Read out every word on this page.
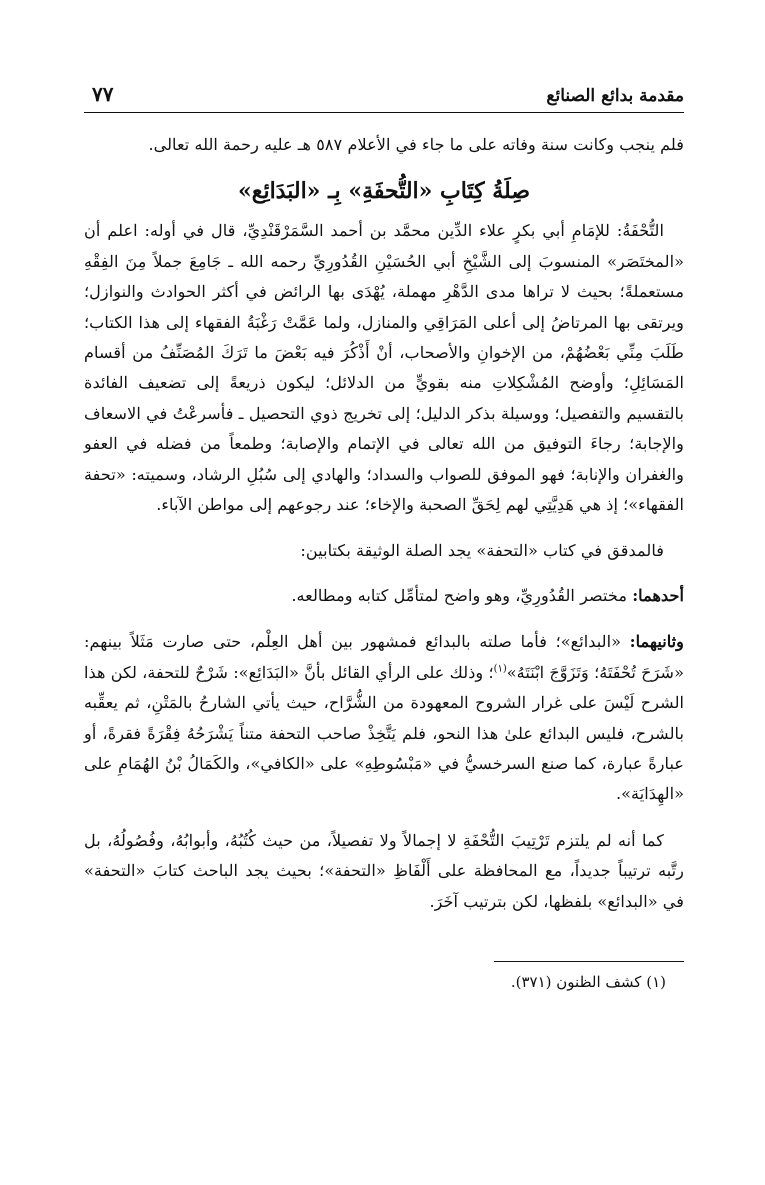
مقدمة بدائع الصنائع
٧٧

فلم ينجب وكانت سنة وفاته على ما جاء في الأعلام ٥٨٧ هـ عليه رحمة الله تعالى.

صِلَةُ كِتَابِ «التُّحفَةِ» بِـ «البَدَائِع»

التُّحْفَةُ: للإمَامِ أبي بكرٍ علاء الدِّين محمَّد بن أحمد السَّمَرْقَنْدِيِّ، قال في أوله: اعلم أن «المختَصَر» المنسوبَ إلى الشَّيْخِ أبي الحُسَيْنِ القُدُورِيِّ رحمه الله ـ جَامِعَ جملاً مِنَ الفِقْهِ مستعملةً؛ بحيث لا تراها مدى الدَّهْرِ مهملة، يُهْدَى بها الرائض في أكثر الحوادث والنوازل؛ ويرتقى بها المرتاضُ إلى أعلى المَرَاقِي والمنازل، ولما عَمَّتْ رَغْبَةُ الفقهاء إلى هذا الكتاب؛ طَلَبَ مِنِّي بَعْضُهُمْ، من الإخوانِ والأصحاب، أنْ أَذْكُرَ فيه بَعْضَ ما تَرَكَ المُصَنِّفُ من أقسام المَسَائِلِ؛ وأوضح المُشْكِلاتِ منه بقويٍّ من الدلائل؛ ليكون ذريعةً إلى تضعيف الفائدة بالتقسيم والتفصيل؛ ووسيلة بذكر الدليل؛ إلى تخريج ذوي التحصيل ـ فأسرعْتُ في الاسعاف والإجابة؛ رجاءَ التوفيق من الله تعالى في الإتمام والإصابة؛ وطمعاً من فضله في العفو والغفران والإنابة؛ فهو الموفق للصواب والسداد؛ والهادي إلى سُبُلِ الرشاد، وسميته: «تحفة الفقهاء»؛ إذ هي هَدِيَّتِي لهم لِحَقِّ الصحبة والإخاء؛ عند رجوعهم إلى مواطن الآباء.

فالمدقق في كتاب «التحفة» يجد الصلة الوثيقة بكتابين:

أحدهما: مختصر القُدُورِيِّ، وهو واضح لمتأمِّل كتابه ومطالعه.

وثانيهما: «البدائع»؛ فأما صلته بالبدائع فمشهور بين أهل العِلْم، حتى صارت مَثَلاً بينهم: «شَرَحَ تُحْفَتَهُ؛ وَتَزَوَّجَ ابْنَتَهُ»$^{(١)}$؛ وذلك على الرأي القائل بأنَّ «البَدَائِع»: شَرْحٌ للتحفة، لكن هذا الشرح لَيْسَ على غرار الشروح المعهودة من الشُّرَّاح، حيث يأتي الشارحُ بالمَتْنِ، ثم يعقِّبه بالشرح، فليس البدائع علىٰ هذا النحو، فلم يَتَّخِذْ صاحب التحفة متناً يَشْرَحُهُ فِقْرَةً فقرةً، أو عبارةً عبارة، كما صنع السرخسيُّ في «مَبْسُوطِهِ» على «الكافي»، والكَمَالُ بْنُ الهُمَامِ على «الهِدَايَة».

كما أنه لم يلتزم تَرْتِيبَ التُّحْفَةِ لا إجمالاً ولا تفصيلاً، من حيث كُتُبُهُ، وأبوابُهُ، وفُصُولُهُ، بل رتَّبه ترتيباً جديداً، مع المحافظة على أَلْفَاظِ «التحفة»؛ بحيث يجد الباحث كتابَ «التحفة» في «البدائع» بلفظها، لكن بترتيب آخَرَ.

(١) كشف الظنون (٣٧١).
